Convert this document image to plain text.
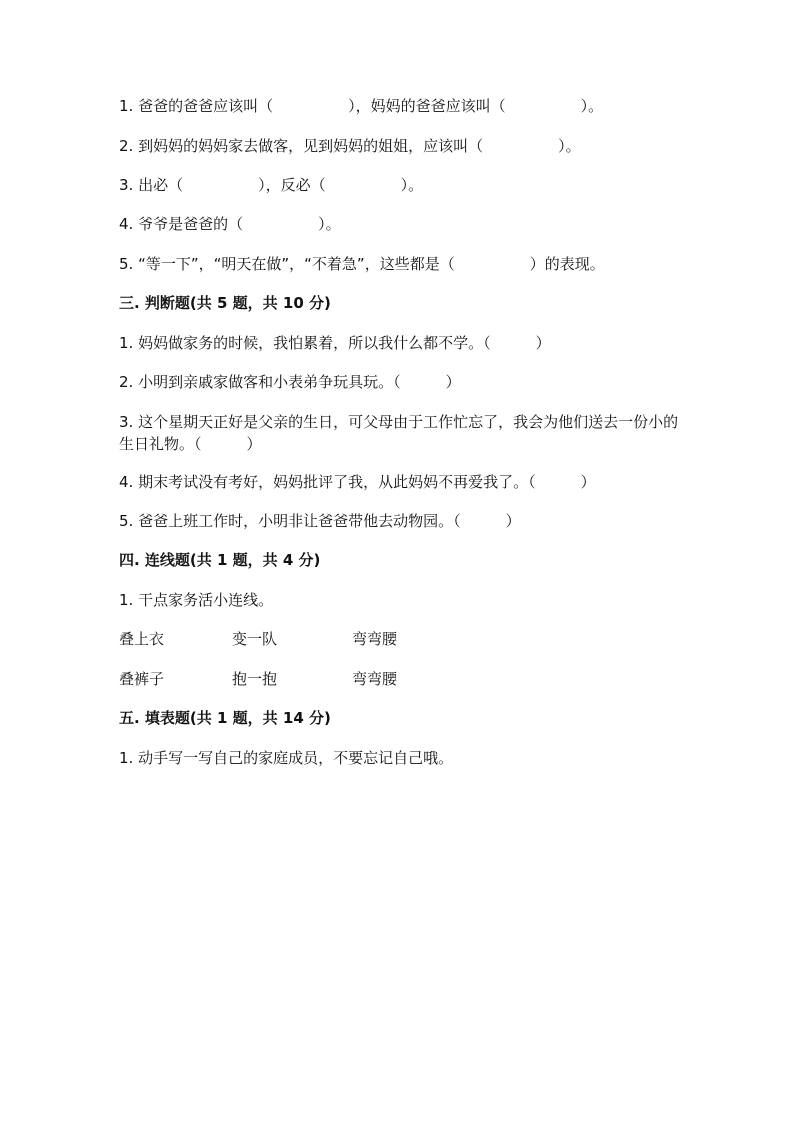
1. 爸爸的爸爸应该叫（　　　　　），妈妈的爸爸应该叫（　　　　　）。
2. 到妈妈的妈妈家去做客，见到妈妈的姐姐，应该叫（　　　　　）。
3. 出必（　　　　　），反必（　　　　　）。
4. 爷爷是爸爸的（　　　　　）。
5. “等一下”，“明天在做”，“不着急”，这些都是（　　　　　）的表现。
三. 判断题(共 5 题，共 10 分)
1. 妈妈做家务的时候，我怕累着，所以我什么都不学。（　　　）
2. 小明到亲戚家做客和小表弟争玩具玩。（　　　）
3. 这个星期天正好是父亲的生日，可父母由于工作忙忘了，我会为他们送去一份小的生日礼物。（　　　）
4. 期末考试没有考好，妈妈批评了我，从此妈妈不再爱我了。（　　　）
5. 爸爸上班工作时，小明非让爸爸带他去动物园。（　　　）
四. 连线题(共 1 题，共 4 分)
1. 干点家务活小连线。
叠上衣	变一队	弯弯腰
叠裤子	抱一抱	弯弯腰
五. 填表题(共 1 题，共 14 分)
1. 动手写一写自己的家庭成员，不要忘记自己哦。
